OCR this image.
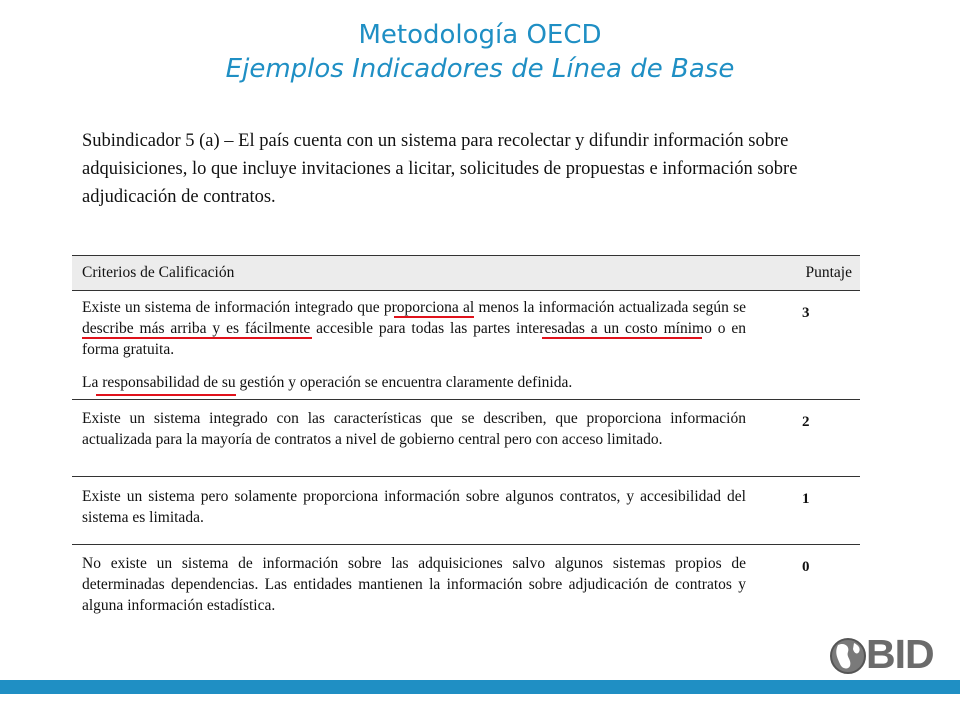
Metodología OECD
Ejemplos Indicadores de Línea de Base
Subindicador 5 (a) – El país cuenta con un sistema para recolectar y difundir información sobre adquisiciones, lo que incluye invitaciones a licitar, solicitudes de propuestas e información sobre adjudicación de contratos.
Criterios de Calificación	Puntaje
Existe un sistema de información integrado que proporciona al menos la información actualizada según se describe más arriba y es fácilmente accesible para todas las partes interesadas a un costo mínimo o en forma gratuita.
La responsabilidad de su gestión y operación se encuentra claramente definida.
3
Existe un sistema integrado con las características que se describen, que proporciona información actualizada para la mayoría de contratos a nivel de gobierno central pero con acceso limitado.
2
Existe un sistema pero solamente proporciona información sobre algunos contratos, y accesibilidad del sistema es limitada.
1
No existe un sistema de información sobre las adquisiciones salvo algunos sistemas propios de determinadas dependencias. Las entidades mantienen la información sobre adjudicación de contratos y alguna información estadística.
0
BID
